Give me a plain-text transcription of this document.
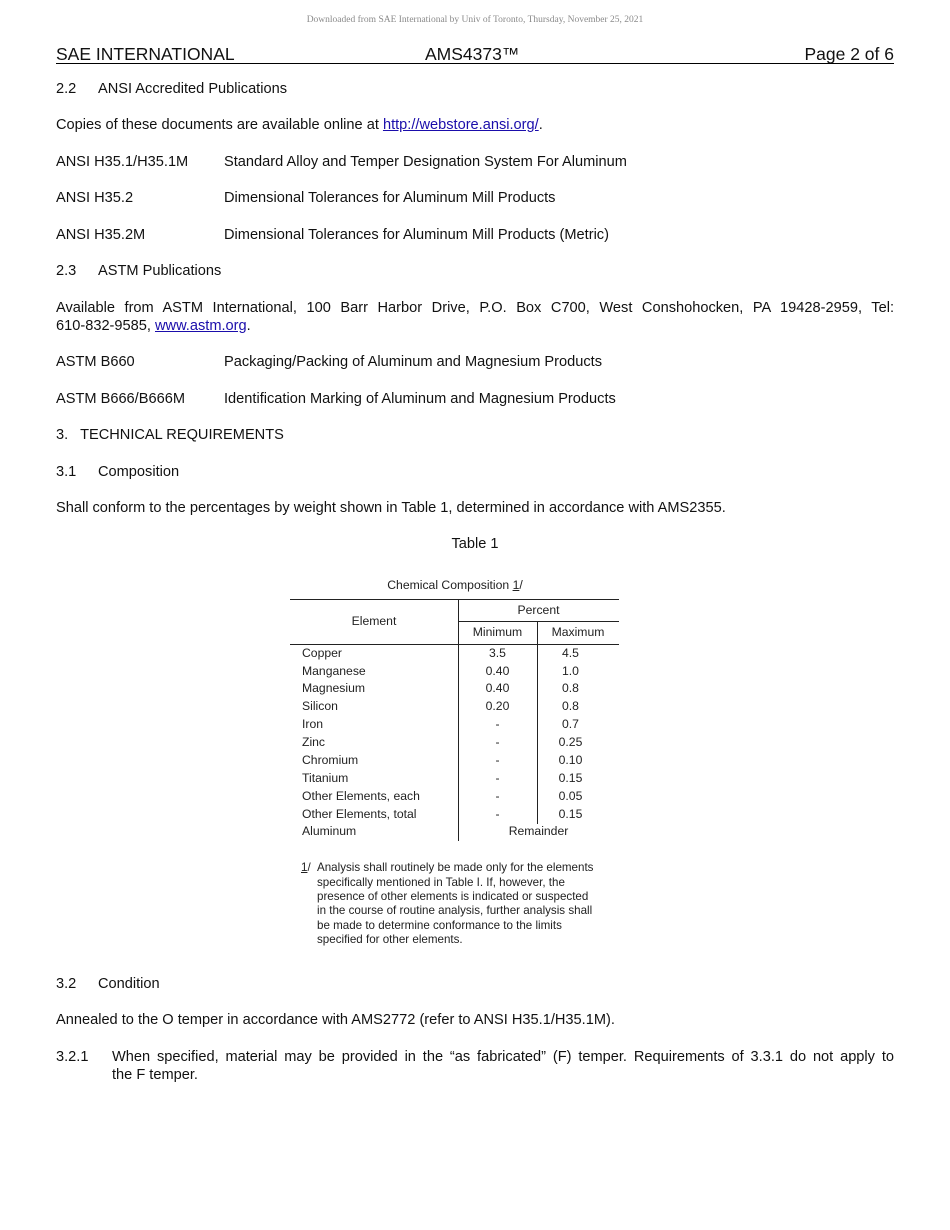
Downloaded from SAE International by Univ of Toronto, Thursday, November 25, 2021
SAE INTERNATIONAL	AMS4373™	Page 2 of 6
2.2 ANSI Accredited Publications
Copies of these documents are available online at http://webstore.ansi.org/.
ANSI H35.1/H35.1M Standard Alloy and Temper Designation System For Aluminum
ANSI H35.2	Dimensional Tolerances for Aluminum Mill Products
ANSI H35.2M	Dimensional Tolerances for Aluminum Mill Products (Metric)
2.3 ASTM Publications
Available from ASTM International, 100 Barr Harbor Drive, P.O. Box C700, West Conshohocken, PA 19428-2959, Tel:
610-832-9585, www.astm.org.
ASTM B660	Packaging/Packing of Aluminum and Magnesium Products
ASTM B666/B666M	Identification Marking of Aluminum and Magnesium Products
3.   TECHNICAL REQUIREMENTS
3.1 Composition
Shall conform to the percentages by weight shown in Table 1, determined in accordance with AMS2355.
Table 1
Chemical Composition 1/
Element
Percent
Minimum	Maximum
Copper	3.5	4.5
Manganese	0.40	1.0
Magnesium	0.40	0.8
Silicon	0.20	0.8
Iron	-	0.7
Zinc	-	0.25
Chromium	-	0.10
Titanium	-	0.15
Other Elements, each	-	0.05
Other Elements, total	-	0.15
Aluminum	Remainder
1/ Analysis shall routinely be made only for the elements
specifically mentioned in Table I. If, however, the
presence of other elements is indicated or suspected
in the course of routine analysis, further analysis shall
be made to determine conformance to the limits
specified for other elements.
3.2 Condition
Annealed to the O temper in accordance with AMS2772 (refer to ANSI H35.1/H35.1M).
3.2.1 When specified, material may be provided in the “as fabricated” (F) temper. Requirements of 3.3.1 do not apply to
the F temper.
